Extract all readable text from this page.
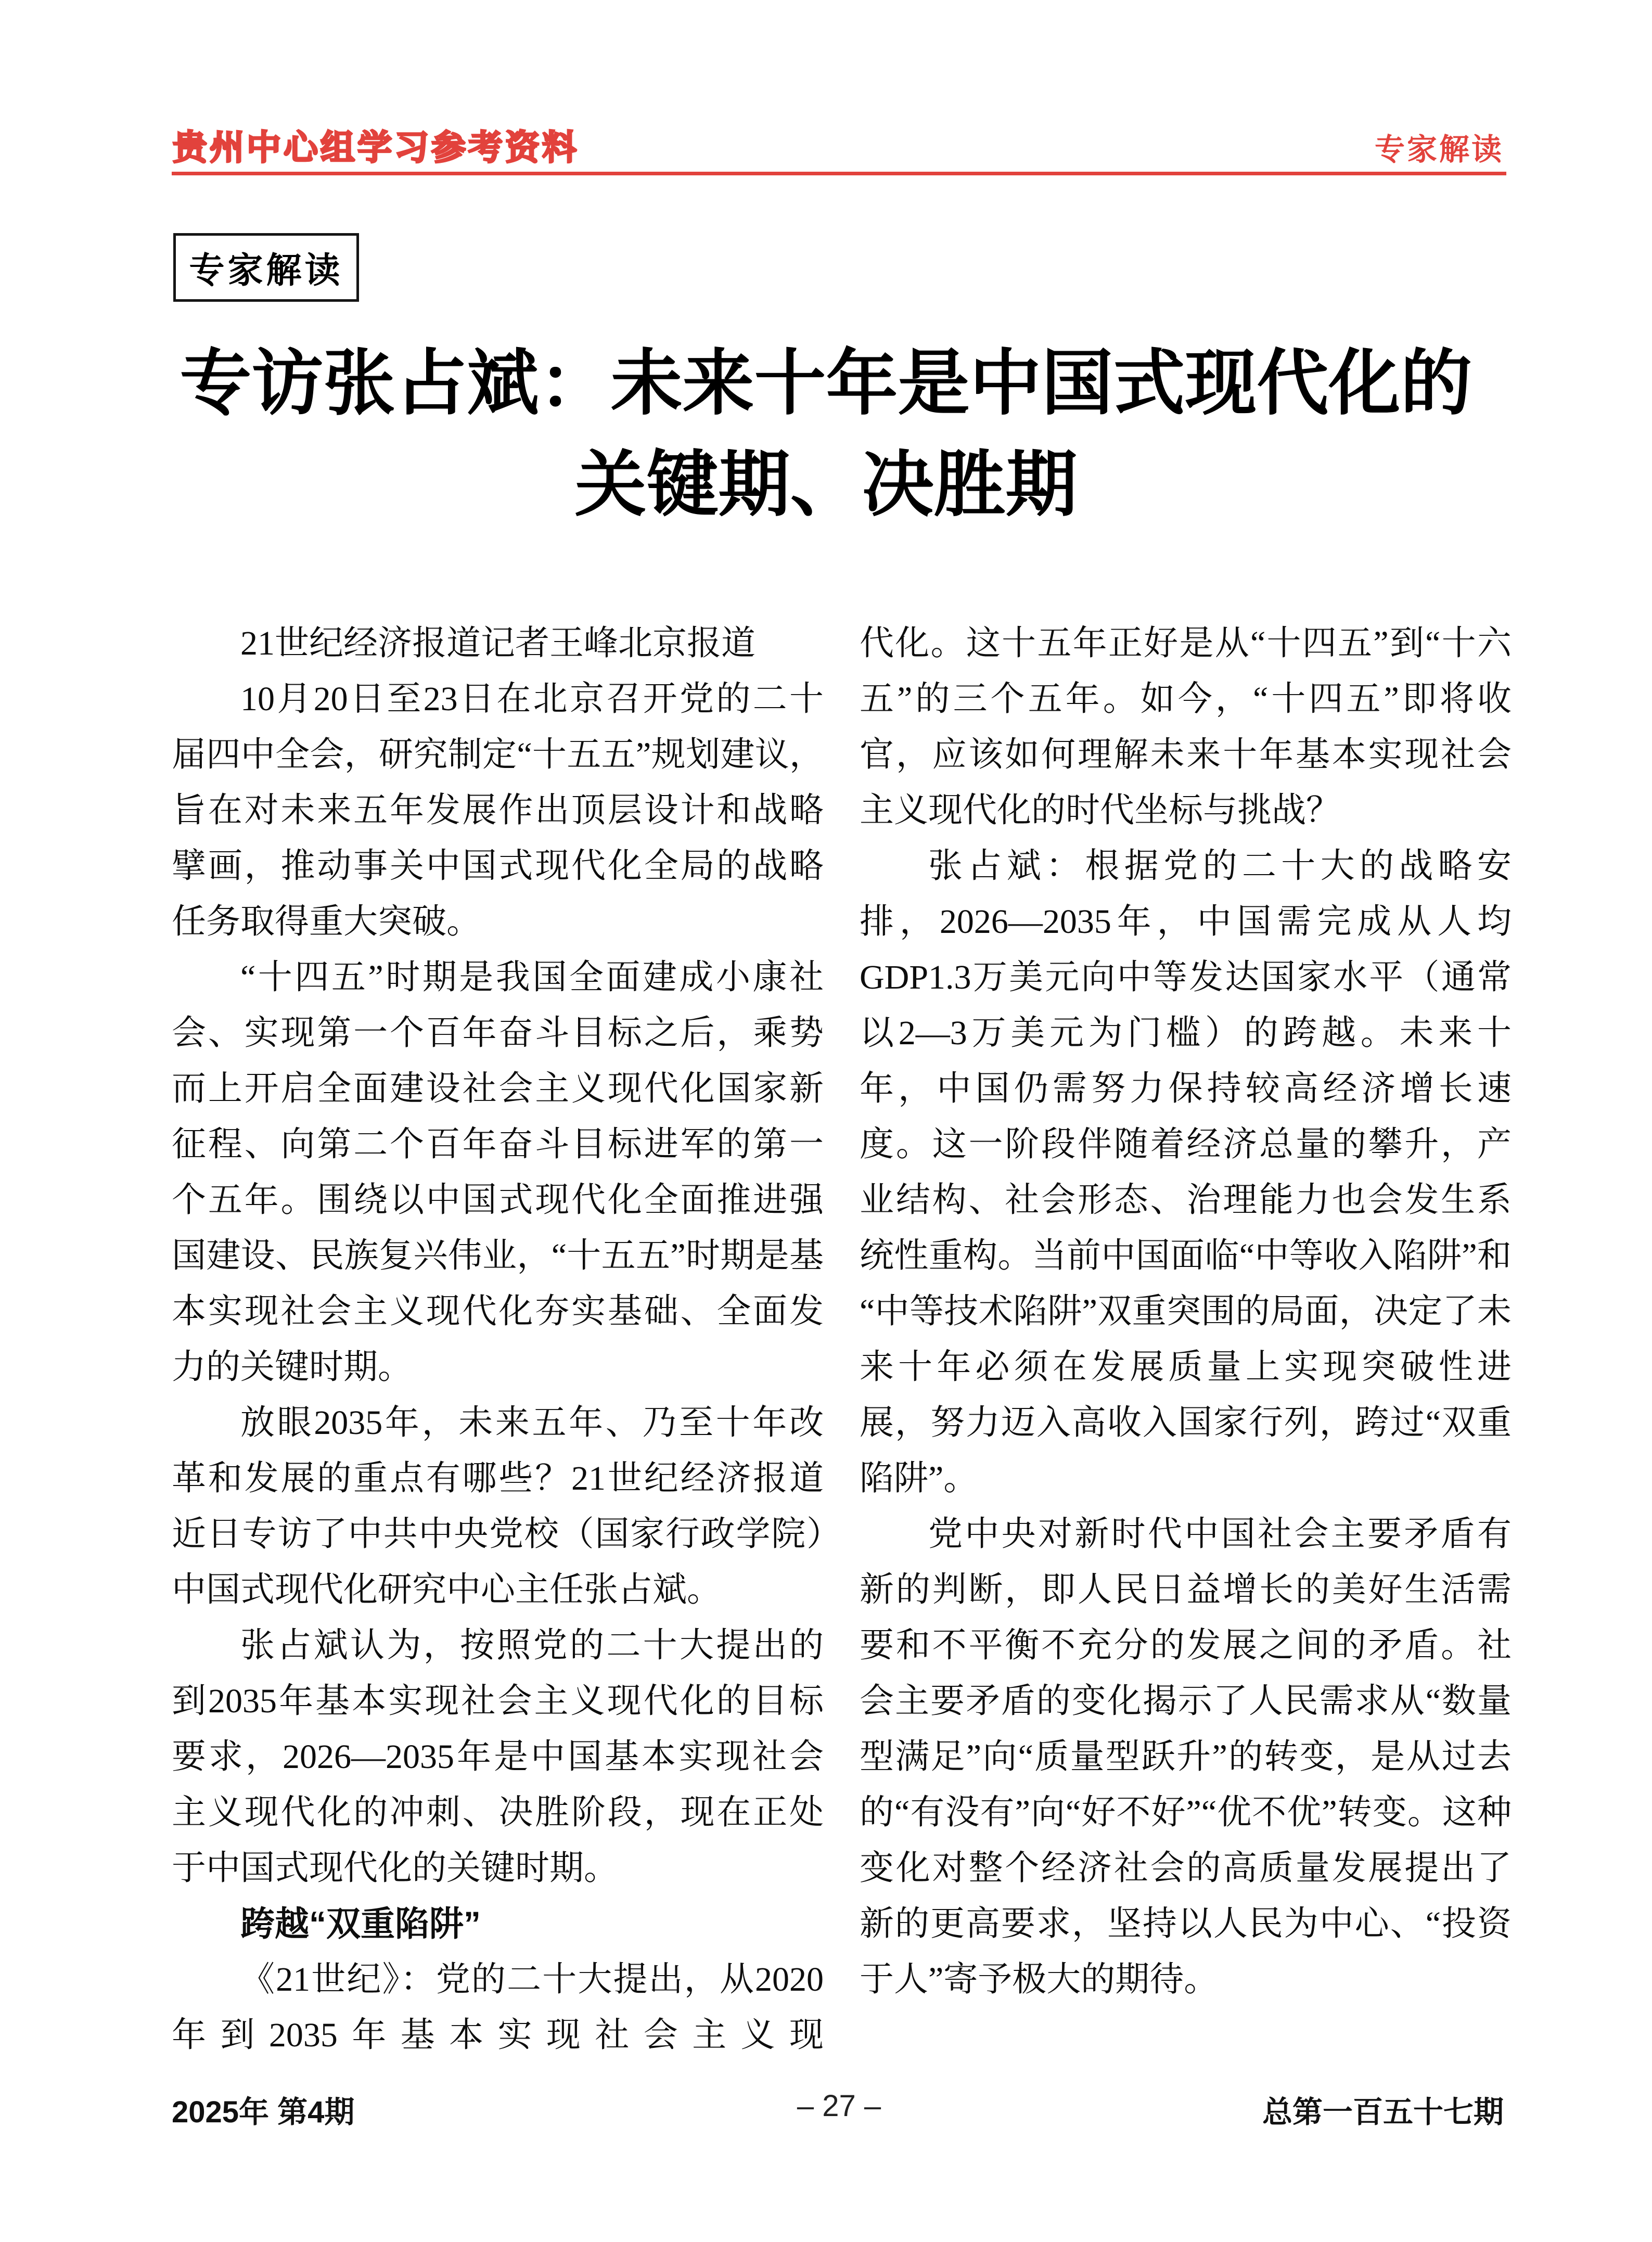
贵州中心组学习参考资料	专家解读
专家解读
专访张占斌：未来十年是中国式现代化的
关键期、决胜期

21世纪经济报道记者王峰北京报道

10月20日至23日在北京召开党的二十届四中全会，研究制定“十五五”规划建议，旨在对未来五年发展作出顶层设计和战略擘画，推动事关中国式现代化全局的战略任务取得重大突破。

“十四五”时期是我国全面建成小康社会、实现第一个百年奋斗目标之后，乘势而上开启全面建设社会主义现代化国家新征程、向第二个百年奋斗目标进军的第一个五年。围绕以中国式现代化全面推进强国建设、民族复兴伟业，“十五五”时期是基本实现社会主义现代化夯实基础、全面发力的关键时期。

放眼2035年，未来五年、乃至十年改革和发展的重点有哪些？21世纪经济报道近日专访了中共中央党校（国家行政学院）中国式现代化研究中心主任张占斌。

张占斌认为，按照党的二十大提出的到2035年基本实现社会主义现代化的目标要求，2026—2035年是中国基本实现社会主义现代化的冲刺、决胜阶段，现在正处于中国式现代化的关键时期。

跨越“双重陷阱”

《21世纪》：党的二十大提出，从2020年到2035年基本实现社会主义现

代化。这十五年正好是从“十四五”到“十六五”的三个五年。如今，“十四五”即将收官，应该如何理解未来十年基本实现社会主义现代化的时代坐标与挑战？

张占斌：根据党的二十大的战略安排，2026—2035年，中国需完成从人均GDP1.3万美元向中等发达国家水平（通常以2—3万美元为门槛）的跨越。未来十年，中国仍需努力保持较高经济增长速度。这一阶段伴随着经济总量的攀升，产业结构、社会形态、治理能力也会发生系统性重构。当前中国面临“中等收入陷阱”和“中等技术陷阱”双重突围的局面，决定了未来十年必须在发展质量上实现突破性进展，努力迈入高收入国家行列，跨过“双重陷阱”。

党中央对新时代中国社会主要矛盾有新的判断，即人民日益增长的美好生活需要和不平衡不充分的发展之间的矛盾。社会主要矛盾的变化揭示了人民需求从“数量型满足”向“质量型跃升”的转变，是从过去的“有没有”向“好不好”“优不优”转变。这种变化对整个经济社会的高质量发展提出了新的更高要求，坚持以人民为中心、“投资于人”寄予极大的期待。

2025年 第4期	– 27 –	总第一百五十七期
